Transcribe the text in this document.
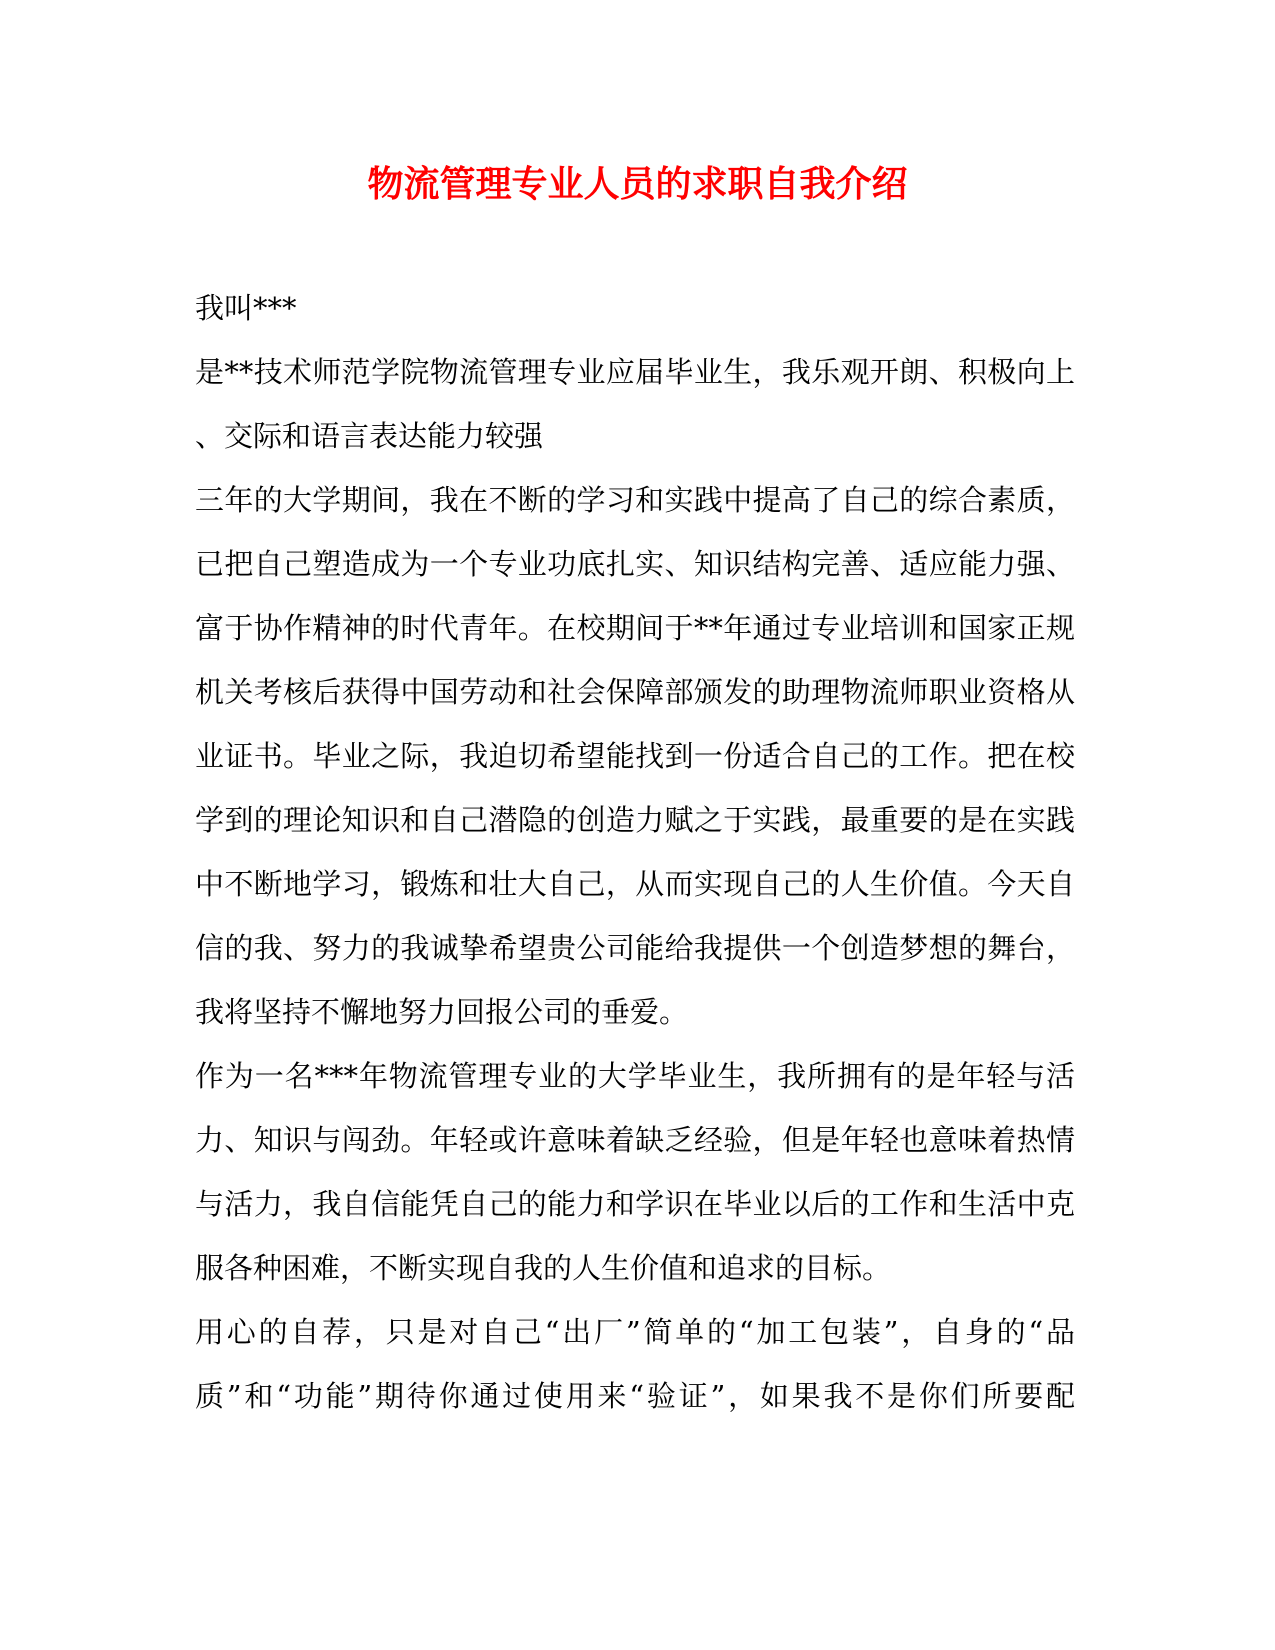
物流管理专业人员的求职自我介绍
我叫***
是**技术师范学院物流管理专业应届毕业生，我乐观开朗、积极向上
、交际和语言表达能力较强
三年的大学期间，我在不断的学习和实践中提高了自己的综合素质，
已把自己塑造成为一个专业功底扎实、知识结构完善、适应能力强、
富于协作精神的时代青年。在校期间于**年通过专业培训和国家正规
机关考核后获得中国劳动和社会保障部颁发的助理物流师职业资格从
业证书。毕业之际，我迫切希望能找到一份适合自己的工作。把在校
学到的理论知识和自己潜隐的创造力赋之于实践，最重要的是在实践
中不断地学习，锻炼和壮大自己，从而实现自己的人生价值。今天自
信的我、努力的我诚挚希望贵公司能给我提供一个创造梦想的舞台，
我将坚持不懈地努力回报公司的垂爱。
作为一名***年物流管理专业的大学毕业生，我所拥有的是年轻与活
力、知识与闯劲。年轻或许意味着缺乏经验，但是年轻也意味着热情
与活力，我自信能凭自己的能力和学识在毕业以后的工作和生活中克
服各种困难，不断实现自我的人生价值和追求的目标。
用心的自荐，只是对自己“出厂”简单的“加工包装”，自身的“品
质”和“功能”期待你通过使用来“验证”，如果我不是你们所要配
